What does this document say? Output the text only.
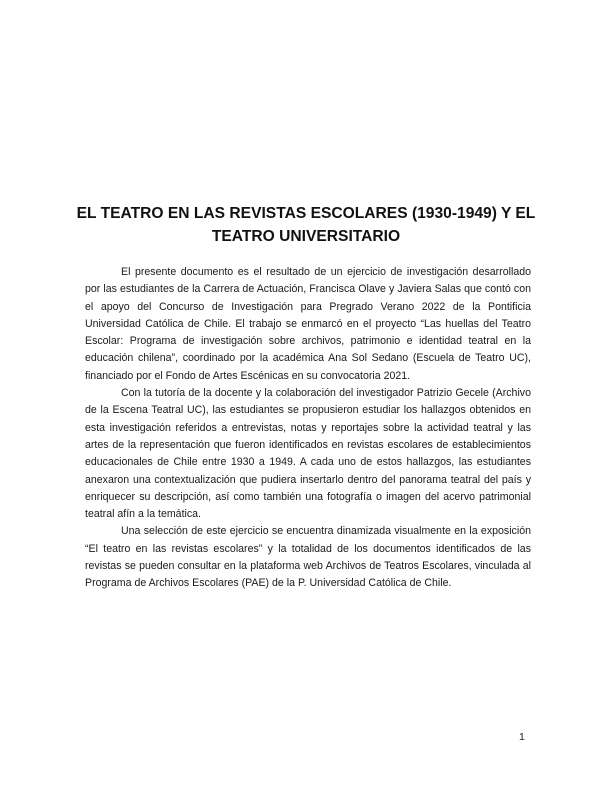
EL TEATRO EN LAS REVISTAS ESCOLARES (1930-1949) Y EL TEATRO UNIVERSITARIO

El presente documento es el resultado de un ejercicio de investigación desarrollado por las estudiantes de la Carrera de Actuación, Francisca Olave y Javiera Salas que contó con el apoyo del Concurso de Investigación para Pregrado Verano 2022 de la Pontificia Universidad Católica de Chile. El trabajo se enmarcó en el proyecto “Las huellas del Teatro Escolar: Programa de investigación sobre archivos, patrimonio e identidad teatral en la educación chilena”, coordinado por la académica Ana Sol Sedano (Escuela de Teatro UC), financiado por el Fondo de Artes Escénicas en su convocatoria 2021.

Con la tutoría de la docente y la colaboración del investigador Patrizio Gecele (Archivo de la Escena Teatral UC), las estudiantes se propusieron estudiar los hallazgos obtenidos en esta investigación referidos a entrevistas, notas y reportajes sobre la actividad teatral y las artes de la representación que fueron identificados en revistas escolares de establecimientos educacionales de Chile entre 1930 a 1949. A cada uno de estos hallazgos, las estudiantes anexaron una contextualización que pudiera insertarlo dentro del panorama teatral del país y enriquecer su descripción, así como también una fotografía o imagen del acervo patrimonial teatral afín a la temática.

Una selección de este ejercicio se encuentra dinamizada visualmente en la exposición “El teatro en las revistas escolares” y la totalidad de los documentos identificados de las revistas se pueden consultar en la plataforma web Archivos de Teatros Escolares, vinculada al Programa de Archivos Escolares (PAE) de la P. Universidad Católica de Chile.

1
